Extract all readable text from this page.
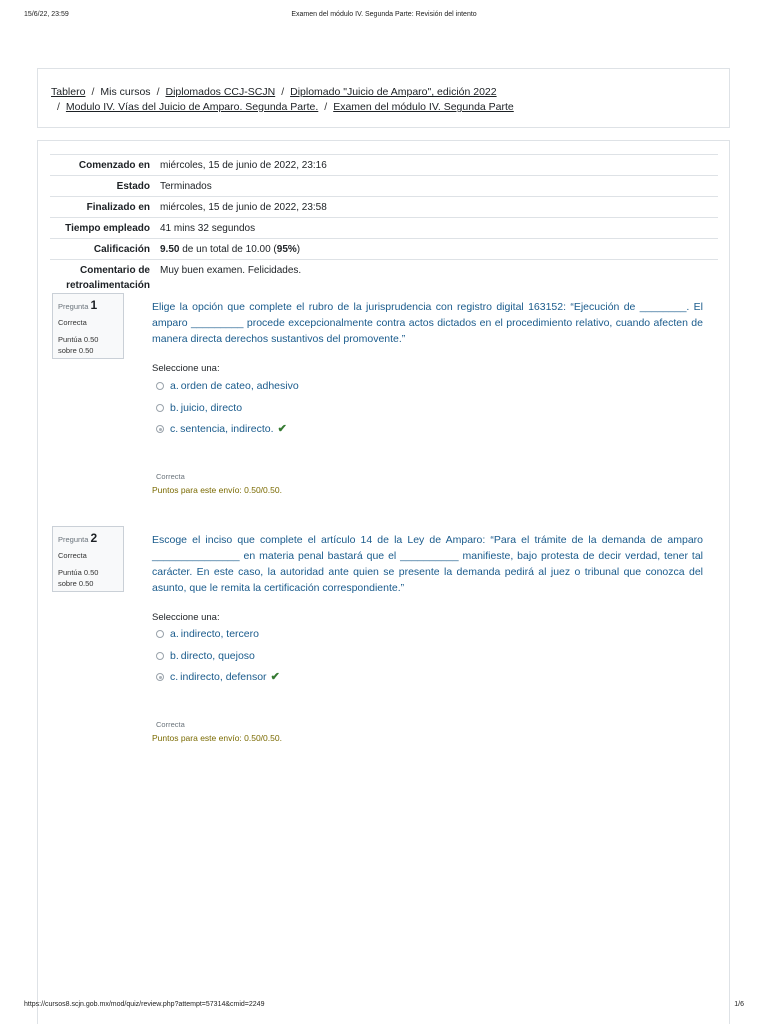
15/6/22, 23:59	Examen del módulo IV. Segunda Parte: Revisión del intento
Tablero / Mis cursos / Diplomados CCJ-SCJN / Diplomado "Juicio de Amparo", edición 2022
/ Modulo IV. Vías del Juicio de Amparo. Segunda Parte. / Examen del módulo IV. Segunda Parte
Comenzado en	miércoles, 15 de junio de 2022, 23:16
Estado	Terminados
Finalizado en	miércoles, 15 de junio de 2022, 23:58
Tiempo empleado	41 mins 32 segundos
Calificación	9.50 de un total de 10.00 (95%)
Comentario de retroalimentación	Muy buen examen. Felicidades.
Pregunta 1
Correcta
Puntúa 0.50 sobre 0.50
Elige la opción que complete el rubro de la jurisprudencia con registro digital 163152: “Ejecución de ________. El amparo _________ procede excepcionalmente contra actos dictados en el procedimiento relativo, cuando afecten de manera directa derechos sustantivos del promovente.”
Seleccione una:
a. orden de cateo, adhesivo
b. juicio, directo
c. sentencia, indirecto. ✔
Correcta
Puntos para este envío: 0.50/0.50.
Pregunta 2
Correcta
Puntúa 0.50 sobre 0.50
Escoge el inciso que complete el artículo 14 de la Ley de Amparo: “Para el trámite de la demanda de amparo _______________ en materia penal bastará que el __________ manifieste, bajo protesta de decir verdad, tener tal carácter. En este caso, la autoridad ante quien se presente la demanda pedirá al juez o tribunal que conozca del asunto, que le remita la certificación correspondiente.”
Seleccione una:
a. indirecto, tercero
b. directo, quejoso
c. indirecto, defensor ✔
Correcta
Puntos para este envío: 0.50/0.50.
https://cursos8.scjn.gob.mx/mod/quiz/review.php?attempt=57314&cmid=2249	1/6
